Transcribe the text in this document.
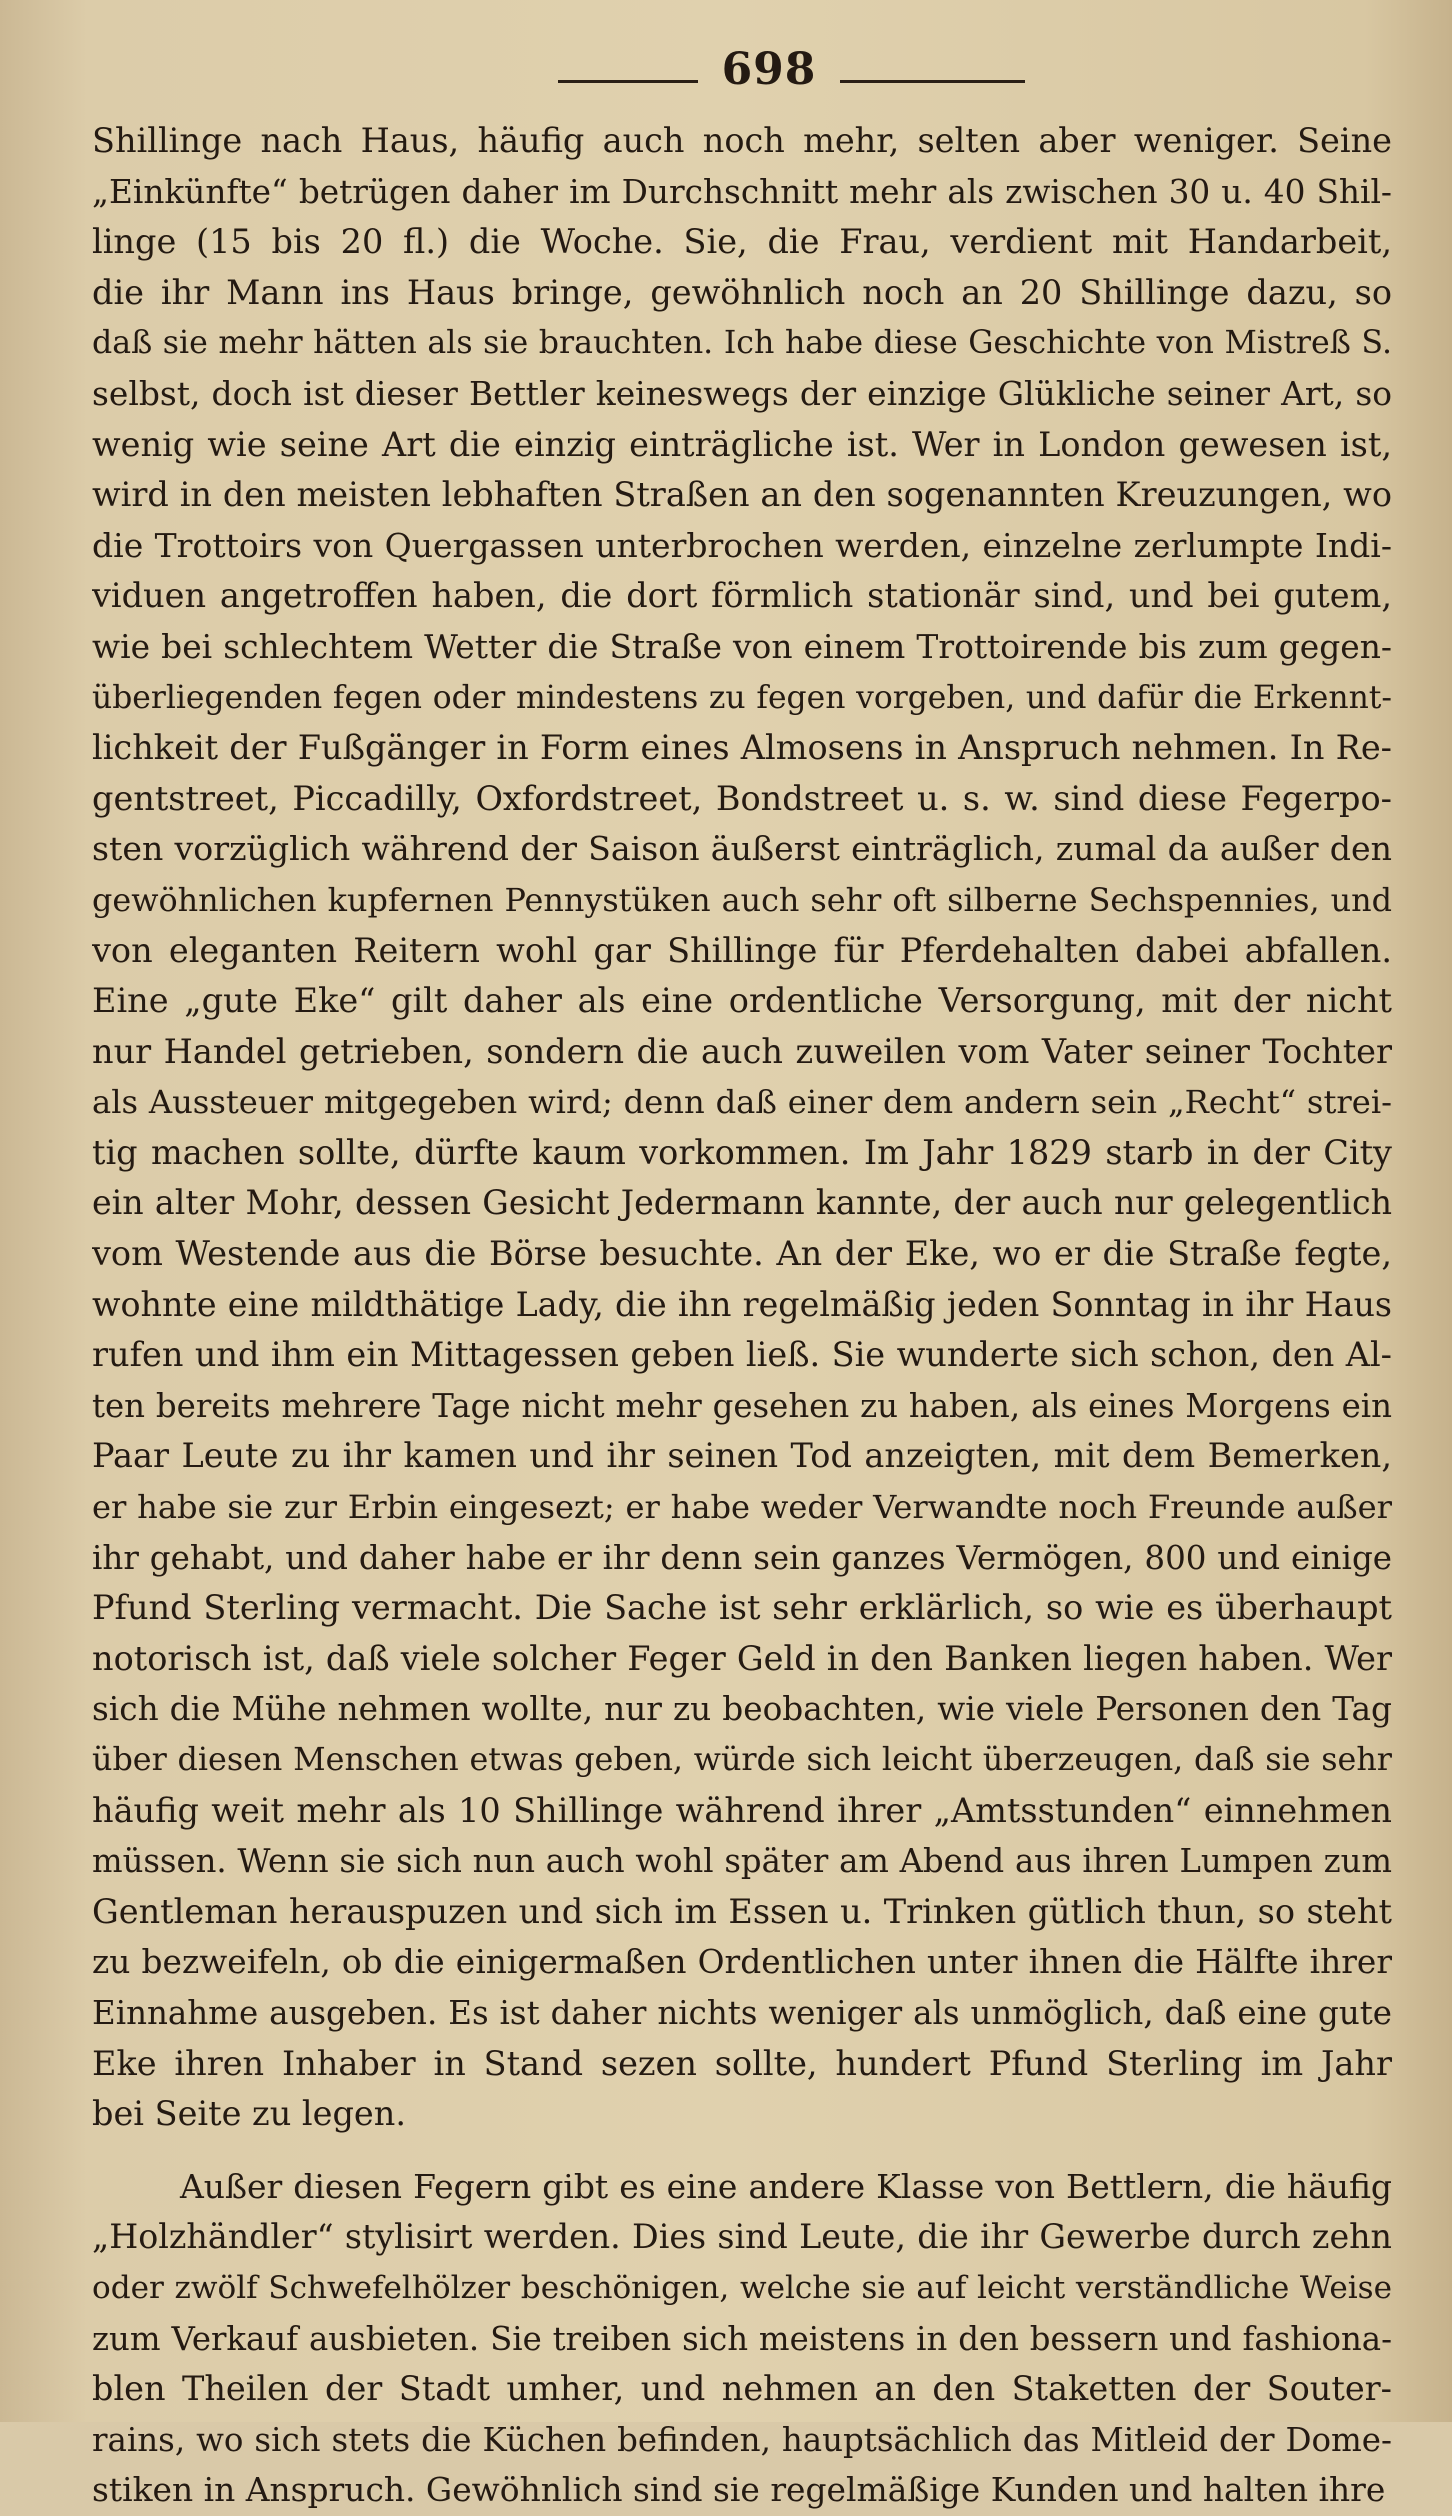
698
Shillinge nach Haus, häufig auch noch mehr, selten aber weniger. Seine
„Einkünfte“ betrügen daher im Durchschnitt mehr als zwischen 30 u. 40 Shil-
linge (15 bis 20 fl.) die Woche. Sie, die Frau, verdient mit Handarbeit,
die ihr Mann ins Haus bringe, gewöhnlich noch an 20 Shillinge dazu, so
daß sie mehr hätten als sie brauchten. Ich habe diese Geschichte von Mistreß S.
selbst, doch ist dieser Bettler keineswegs der einzige Glükliche seiner Art, so
wenig wie seine Art die einzig einträgliche ist. Wer in London gewesen ist,
wird in den meisten lebhaften Straßen an den sogenannten Kreuzungen, wo
die Trottoirs von Quergassen unterbrochen werden, einzelne zerlumpte Indi-
viduen angetroffen haben, die dort förmlich stationär sind, und bei gutem,
wie bei schlechtem Wetter die Straße von einem Trottoirende bis zum gegen-
überliegenden fegen oder mindestens zu fegen vorgeben, und dafür die Erkennt-
lichkeit der Fußgänger in Form eines Almosens in Anspruch nehmen. In Re-
gentstreet, Piccadilly, Oxfordstreet, Bondstreet u. s. w. sind diese Fegerpo-
sten vorzüglich während der Saison äußerst einträglich, zumal da außer den
gewöhnlichen kupfernen Pennystüken auch sehr oft silberne Sechspennies, und
von eleganten Reitern wohl gar Shillinge für Pferdehalten dabei abfallen.
Eine „gute Eke“ gilt daher als eine ordentliche Versorgung, mit der nicht
nur Handel getrieben, sondern die auch zuweilen vom Vater seiner Tochter
als Aussteuer mitgegeben wird; denn daß einer dem andern sein „Recht“ strei-
tig machen sollte, dürfte kaum vorkommen. Im Jahr 1829 starb in der City
ein alter Mohr, dessen Gesicht Jedermann kannte, der auch nur gelegentlich
vom Westende aus die Börse besuchte. An der Eke, wo er die Straße fegte,
wohnte eine mildthätige Lady, die ihn regelmäßig jeden Sonntag in ihr Haus
rufen und ihm ein Mittagessen geben ließ. Sie wunderte sich schon, den Al-
ten bereits mehrere Tage nicht mehr gesehen zu haben, als eines Morgens ein
Paar Leute zu ihr kamen und ihr seinen Tod anzeigten, mit dem Bemerken,
er habe sie zur Erbin eingesezt; er habe weder Verwandte noch Freunde außer
ihr gehabt, und daher habe er ihr denn sein ganzes Vermögen, 800 und einige
Pfund Sterling vermacht. Die Sache ist sehr erklärlich, so wie es überhaupt
notorisch ist, daß viele solcher Feger Geld in den Banken liegen haben. Wer
sich die Mühe nehmen wollte, nur zu beobachten, wie viele Personen den Tag
über diesen Menschen etwas geben, würde sich leicht überzeugen, daß sie sehr
häufig weit mehr als 10 Shillinge während ihrer „Amtsstunden“ einnehmen
müssen. Wenn sie sich nun auch wohl später am Abend aus ihren Lumpen zum
Gentleman herauspuzen und sich im Essen u. Trinken gütlich thun, so steht
zu bezweifeln, ob die einigermaßen Ordentlichen unter ihnen die Hälfte ihrer
Einnahme ausgeben. Es ist daher nichts weniger als unmöglich, daß eine gute
Eke ihren Inhaber in Stand sezen sollte, hundert Pfund Sterling im Jahr
bei Seite zu legen.
Außer diesen Fegern gibt es eine andere Klasse von Bettlern, die häufig
„Holzhändler“ stylisirt werden. Dies sind Leute, die ihr Gewerbe durch zehn
oder zwölf Schwefelhölzer beschönigen, welche sie auf leicht verständliche Weise
zum Verkauf ausbieten. Sie treiben sich meistens in den bessern und fashiona-
blen Theilen der Stadt umher, und nehmen an den Staketten der Souter-
rains, wo sich stets die Küchen befinden, hauptsächlich das Mitleid der Dome-
stiken in Anspruch. Gewöhnlich sind sie regelmäßige Kunden und halten ihre
